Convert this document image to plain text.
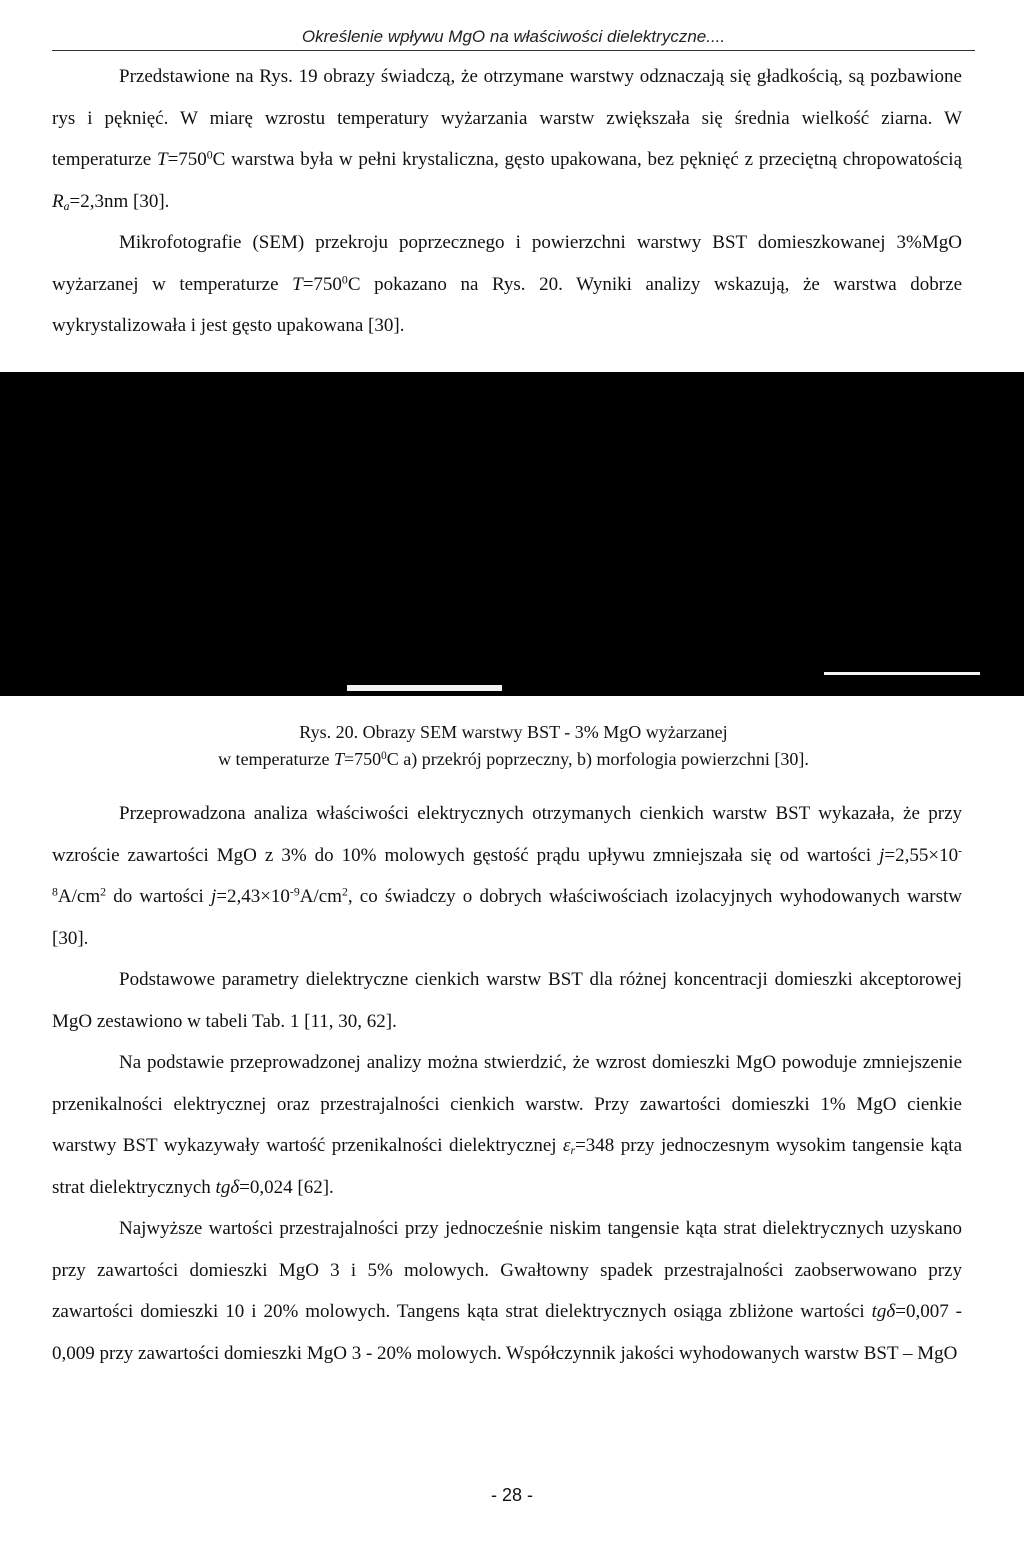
Określenie wpływu MgO na właściwości dielektryczne....

Przedstawione na Rys. 19 obrazy świadczą, że otrzymane warstwy odznaczają się gładkością, są pozbawione rys i pęknięć. W miarę wzrostu temperatury wyżarzania warstw zwiększała się średnia wielkość ziarna. W temperaturze $T=750^0C$ warstwa była w pełni krystaliczna, gęsto upakowana, bez pęknięć z przeciętną chropowatością $R_a=2,3nm$ [30].

Mikrofotografie (SEM) przekroju poprzecznego i powierzchni warstwy BST domieszkowanej 3%MgO wyżarzanej w temperaturze $T=750^0C$ pokazano na Rys. 20. Wyniki analizy wskazują, że warstwa dobrze wykrystalizowała i jest gęsto upakowana [30].

Rys. 20. Obrazy SEM warstwy BST - 3% MgO wyżarzanej
w temperaturze $T=750^0C$ a) przekrój poprzeczny, b) morfologia powierzchni [30].

Przeprowadzona analiza właściwości elektrycznych otrzymanych cienkich warstw BST wykazała, że przy wzroście zawartości MgO z 3% do 10% molowych gęstość prądu upływu zmniejszała się od wartości $j=2,55\times 10^{-8}A/cm^2$ do wartości $j=2,43\times 10^{-9}A/cm^2$, co świadczy o dobrych właściwościach izolacyjnych wyhodowanych warstw [30].

Podstawowe parametry dielektryczne cienkich warstw BST dla różnej koncentracji domieszki akceptorowej MgO zestawiono w tabeli Tab. 1 [11, 30, 62].

Na podstawie przeprowadzonej analizy można stwierdzić, że wzrost domieszki MgO powoduje zmniejszenie przenikalności elektrycznej oraz przestrajalności cienkich warstw. Przy zawartości domieszki 1% MgO cienkie warstwy BST wykazywały wartość przenikalności dielektrycznej $\varepsilon_r=348$ przy jednoczesnym wysokim tangensie kąta strat dielektrycznych tgδ=0,024 [62].

Najwyższe wartości przestrajalności przy jednocześnie niskim tangensie kąta strat dielektrycznych uzyskano przy zawartości domieszki MgO 3 i 5% molowych. Gwałtowny spadek przestrajalności zaobserwowano przy zawartości domieszki 10 i 20% molowych. Tangens kąta strat dielektrycznych osiąga zbliżone wartości tgδ=0,007 - 0,009 przy zawartości domieszki MgO 3 - 20% molowych. Współczynnik jakości wyhodowanych warstw BST – MgO

- 28 -
